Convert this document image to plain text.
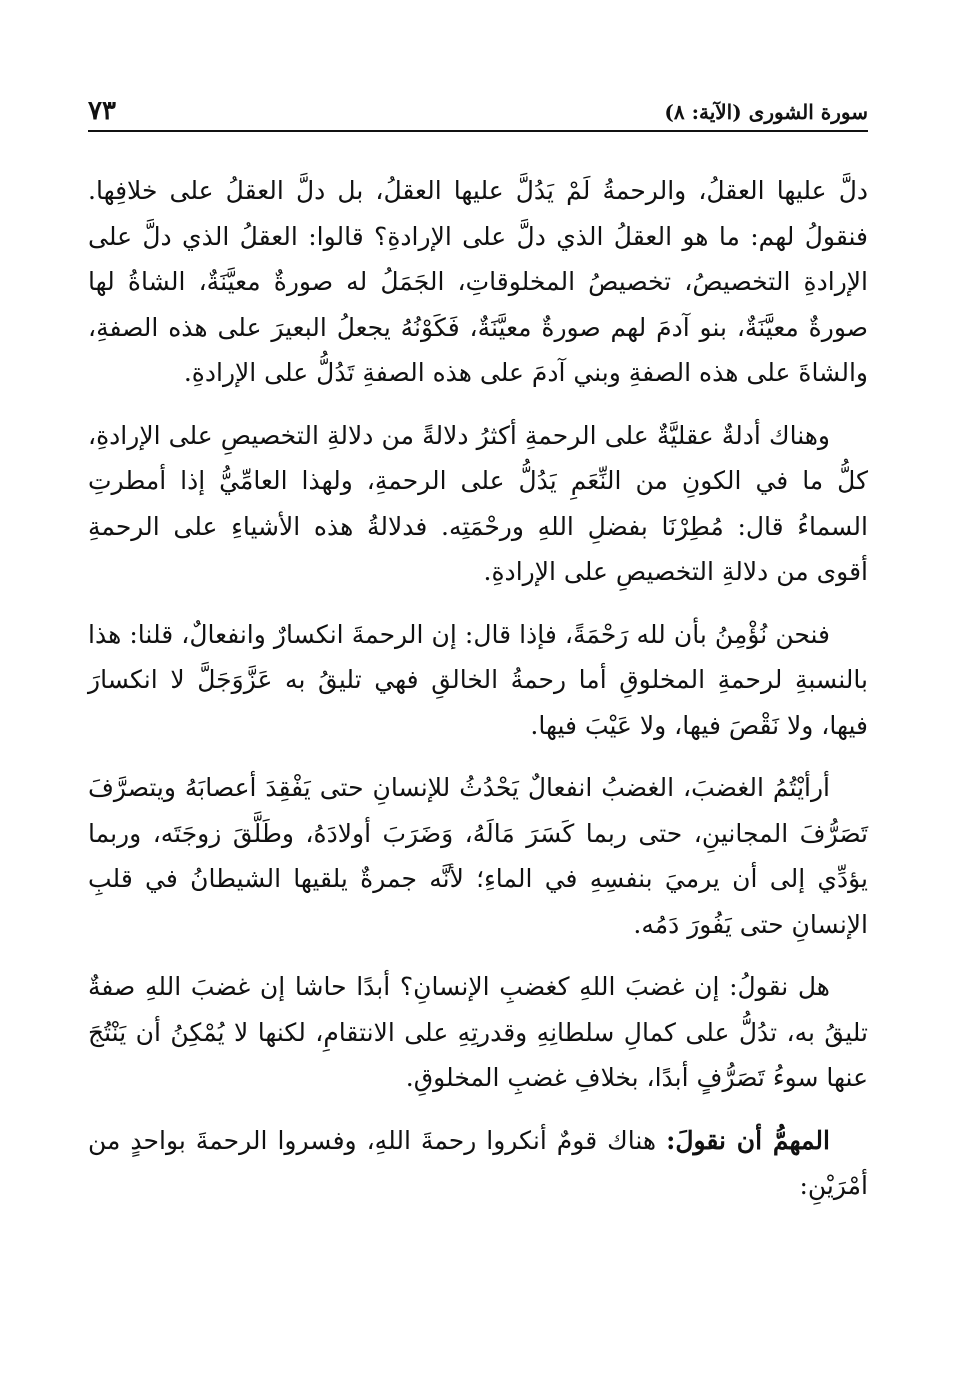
سورة الشورى (الآية: ٨)
٧٣

دلَّ عليها العقلُ، والرحمةُ لَمْ يَدُلَّ عليها العقلُ، بل دلَّ العقلُ على خلافِها. فنقولُ لهم: ما هو العقلُ الذي دلَّ على الإرادةِ؟ قالوا: العقلُ الذي دلَّ على الإرادةِ التخصيصُ، تخصيصُ المخلوقاتِ، الجَمَلُ له صورةٌ معيَّنَةٌ، الشاةُ لها صورةٌ معيَّنَةٌ، بنو آدمَ لهم صورةٌ معيَّنَةٌ، فَكَوْنُهُ يجعلُ البعيرَ على هذه الصفةِ، والشاةَ على هذه الصفةِ وبني آدمَ على هذه الصفةِ تَدُلُّ على الإرادةِ.

وهناك أدلةٌ عقليَّةٌ على الرحمةِ أكثرُ دلالةً من دلالةِ التخصيصِ على الإرادةِ، كلُّ ما في الكونِ من النِّعَمِ يَدُلُّ على الرحمةِ، ولهذا العامِّيُّ إذا أمطرتِ السماءُ قال: مُطِرْنَا بفضلِ اللهِ ورحْمَتِه. فدلالةُ هذه الأشياءِ على الرحمةِ أقوى من دلالةِ التخصيصِ على الإرادةِ.

فنحن نُؤْمِنُ بأن لله رَحْمَةً، فإذا قال: إن الرحمةَ انكسارٌ وانفعالٌ، قلنا: هذا بالنسبةِ لرحمةِ المخلوقِ أما رحمةُ الخالقِ فهي تليقُ به عَزَّوَجَلَّ لا انكسارَ فيها، ولا نَقْصَ فيها، ولا عَيْبَ فيها.

أرأيْتُمُ الغضبَ، الغضبُ انفعالٌ يَحْدُثُ للإنسانِ حتى يَفْقِدَ أعصابَهُ ويتصرَّفَ تَصَرُّفَ المجانينِ، حتى ربما كَسَرَ مَالَهُ، وَضَرَبَ أولادَهُ، وطَلَّقَ زوجَتَه، وربما يؤدِّي إلى أن يرميَ بنفسِهِ في الماءِ؛ لأنَّه جمرةٌ يلقيها الشيطانُ في قلبِ الإنسانِ حتى يَفُورَ دَمُه.

هل نقولُ: إن غضبَ اللهِ كغضبِ الإنسانِ؟ أبدًا حاشا إن غضبَ اللهِ صفةٌ تليقُ به، تدُلُّ على كمالِ سلطانِهِ وقدرتِهِ على الانتقامِ، لكنها لا يُمْكِنُ أن يَنْتُجَ عنها سوءُ تَصَرُّفٍ أبدًا، بخلافِ غضبِ المخلوقِ.

المهمُّ أن نقولَ: هناك قومٌ أنكروا رحمةَ اللهِ، وفسروا الرحمةَ بواحدٍ من أمْرَيْنِ:
